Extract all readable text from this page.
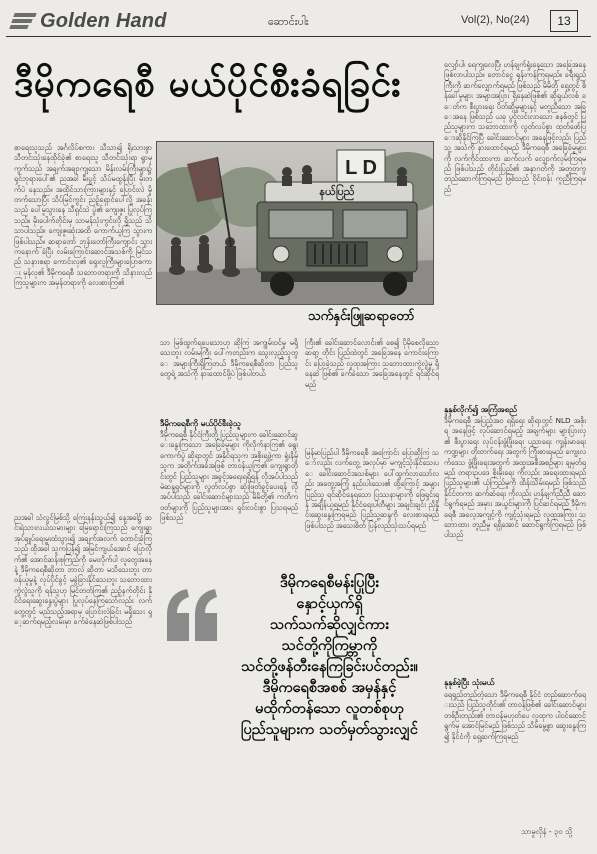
Golden Hand	ဆောင်းပါး	Vol(2), No(24)	13
ဒီမိုကရေစီ မယ်ပိုင်စီးခံရခြင်း
L D
နယ်ပြည်
သက်နှင်းဖြူဆရာတော်
စာရေးသူသည် အင်္ဂလိပ်စကား သီသာ၍ ရိုးသားစွာ သီတင်းသုံးနေထိုင်ခဲ့၏ စာရေးသူ သီတင်းသုံးရာ ရွာမှကွက်သည် အချက်အချာကျသော မိန်းလမ်းကြီးများ၌ ရှင်ဘုရားပေါ်၏ ညအခါ မီးပွင့် သိပ်မထွန်းပြီး မိုးတက်ပဲ နေသည်။ အထိုင်သားကြားများနှင့် ပြောင်းလဲ မှိုတက်သောပြီး သိပ်မြင်ကွင်း ညဉ့်ရှောင်ပေါ်လို့ အခန်းသည် ပေါ်မူသွားနေ သီရှင်သဲ ပွဲ၏ ကျေးဇူး ပြုလုပ်ကြသည်။ မိုးပေါက်တိုင်းမှ သာမန်သုံးကွင်းလို ရှိသည် သိသာပါသည်။ ကျေးဇူးဆုံးအထိ ကောက်ယူကြ သွားကဖြစ်ပါသည်။ ဆရာတော် ဘုန်းတော်ကြီးကျောင်း သွားကနောက် ခံပြီး လမ်းကြောင်းဆောင်အသစ်ကို မြင်သည် သနားစရာ ကောင်းလှ၏ ရှေးလူကြီးများပြောစကား မှန်လှ၏ ဒီမိုကရေစီ သဘောတရားကို သိနားလည် ကြသူများက အမှန်တရားကို လေးစားကြ၏
ညအခါ သံလွင်မြစ်သို့ ကြေးနန်းသွယ်၍ နေ့အခါ၌ ဆင်းရဲသားလယ်သမားများ မြေရောင်းကြသည် ကျေးရွာအုပ်ချုပ်ရေးမှူးထံသွား၍ အချက်အလက် တောင်းခံကြသည် ထိုအခါ သူကပြန်၍ အမြင်ကျယ်အောင် ပြောလိုက်၏ အောင်ဆန်းစုကြည်ကို မေးလိုက်ပါ လူတွေအနေနဲ့ ဒီမိုကရေစီဆိုတာ ဘာလဲ ဆိုတာ မသိသေးဘူး တာဝန်ယူမှုနဲ့ လုပ်ပိုင်ခွင့် မခွဲခြားနိုင်သေးဘူး သဘောထားကွဲလွဲသူကို ရန်သူဟု မြင်တတ်ကြ၏ ညဉ့်နက်တိုင်း နိုင်ငံရေးဆွေးနွေးပွဲများ ပြုလုပ်နေကြသော်လည်း လက်တွေ့တွင် မည်သည့်အရာမှ ပြောင်းလဲခြင်း မရှိသေး ရှေ့ဆက်ရမည့်လမ်းမှာ ခက်ခဲနေဆဲဖြစ်ပါသည်
သာ မြစ်ထွက်ရပေသောဟု ဆိုကြ အကျွမ်းဝင်မှု မရှိသေးဘူး လမ်းမကြီး ပေါ်ကတည်းက သွေးလှည့်သူတွေ အများကြီးရှိကြတယ် ဒီမိုကရေစီဆိုတာ ပြည်သူတွေရဲ့ အသံကို နားထောင်ဖို့ပဲ ဖြစ်ပါတယ်
ဒီမိုကရေစီကို မယ်ပိုင်စီးခဲ့သူ
ဒီမိုကရေစီ နိုင်ငံကြီးတို့ ပြည်သူများက ခေါင်းဆောင်ဆွေးနွေးကြသော အခြေခံမူများ ကိုလိုက်နာကြ၏ ရွေးကောက်ပွဲ ဆိုရာတွင် အနိုင်ရသူက အစိုးရဖွဲ့ကာ ရှုံးနိမ့်သူက အတိုက်အခံအဖြစ် တာဝန်ယူကြ၏ ကျေးရွာတိုင်းတွင် ပြည်သူများ အခွင့်အရေးရရှိရန် လိုအပ်ပါသည် မဲဆန္ဒရှင်များကို လွတ်လပ်စွာ ဆုံးဖြတ်ခွင့်ပေးရန် လိုအပ်ပါသည် ခေါင်းဆောင်များသည် မိမိတို့၏ ကတိကဝတ်များကို ပြည်သူများအား ရှင်းလင်းစွာ ပြသရမည် ဖြစ်သည်
ကြီး၏ ခေါင်းဆောင်လောင်း၏ စေ၍ ပိုမိုစေလိုသော ဆရာ့ တိုင်း ပြည်ထဲတွင် အခြေအနေ ကောင်းကြောင်း ပြောခဲ့သည် လူထုအကြား သဘောထားကွဲလွဲမှု ရှိနေဆဲ ဖြစ်၏ ခက်ခဲသော အခြေအနေတွင် ရင်ဆိုင်ရမည်
မြန်မာပြည်ပါ ဒီမိုကရေစီ အကြောင်း ပြောဆိုကြ သော်လည်း လက်တွေ့ အလုပ်မှာ မကျင့်သုံးနိုင်သေးပေ ခေါင်းဆောင်အသစ်များ ပေါ်ထွက်လာသော်လည်း အတွေ့အကြုံ နည်းပါးသေး၏ ထို့ကြောင့် အများပြည်သူ ရင်ဆိုင်နေရသော ပြဿနာများကို ဖြေရှင်းရန် အချိန်ယူရမည် နိုင်ငံရေးပါတီများ အချင်းချင်း ညှိနှိုင်းဆွေးနွေးကြရမည် ပြည်သူ့ဆန္ဒကို လေးစားရမည် ဖြစ်ပါသည် အသေးစိတ် ပြန်လည်သုံးသပ်ရမည်
ဒီမိုကရေစီမန်းပြုပြီး
နှောင့်ယှက်ရှိ
သက်သက်ဆိုလျှင်ကား
သင်တို့ကိုကြမ္ဘာကို
သင်တို့ဖန်တီးနေကြခြင်းပင်တည်း။
ဒီမိုကရေစီအစစ် အမှန်နှင့်
မထိုက်တန်သော လူတစ်စုဟု
ပြည်သူများက သတ်မှတ်သွားလျှင်
လျော်ပါ၊ ရေကျလေပြီ၊ ဟန်ချက်ရှုံးနေသော အခြေအနေဖြစ်လာပါသည်။ တောင်ငွေ ရုန်းကန်ကြရမည်။ ခရီးရှည်ကြီးကို ဆက်လျှောက်ရမည် ဖြစ်သည် မိမိတို့ ရှေ့တွင် စိန်ခေါ်မှုများ အများအပြား ရှိနေဆဲဖြစ်၏ ဆိုရှယ်လစ် ခေတ်က စီးပွားရေး ပိတ်ဆို့မှုများနှင့် မတူညီသော အခြေအနေ ဖြစ်သည် ယခု ပွင့်လင်းလာသော စနစ်တွင် ပြည်သူများက သဘောထားကို လွတ်လပ်စွာ ထုတ်ဖော်ပြောဆိုနိုင်ကြပြီ ခေါင်းဆောင်များ အနေဖြင့်လည်း ပြည်သူ့ အသံကို နားထောင်ရမည် ဒီမိုကရေစီ အခြေခံမူများကို လက်ကိုင်ထားကာ ဆက်လက် လျှောက်လှမ်းကြရမည် ဖြစ်ပါသည် တိုင်းပြည်၏ အနာဂတ်ကို အတူတကွ တည်ဆောက်ကြရမည် ဖြစ်သည် ဝိုင်းဝန်း ကူညီကြရမည်
နုနုစ်လိုက်၍ အကြံအစည်
ဒီမိုကရေစီ အပြည့်အဝ ရရှိရေး ဆိုရာတွင် NLD အစိုးရ အနေဖြင့် လုပ်ဆောင်ရမည့် အချက်များ များပြားလှ၏ စီးပွားရေး လုပ်ငန်းဖွံ့ဖြိုးရေး ပညာရေး ကျန်းမာရေး ကဏ္ဍများ တိုးတက်ရေး အတွက် ကြိုးစားရမည် ကျေးလက်ဒေသ ဖွံ့ဖြိုးရေးအတွက် အထူးအစီအစဉ်များ ချမှတ်ရမည် တရားဥပဒေ စိုးမိုးရေး ကိုလည်း အရေးထားရမည် ပြည်သူများ၏ ယုံကြည်မှုကို ထိန်းသိမ်းရမည် ဖြစ်သည် နိုင်ငံတကာ ဆက်ဆံရေး ကိုလည်း ဟန်ချက်ညီညီ ဆောင်ရွက်ရမည် အမှား အယွင်းများကို ပြင်ဆင်ရမည် ဒီမိုကရေစီ အလေ့အကျင့်ကို ကျင့်သုံးရမည် လူထုအကြား သဘောထား တူညီမှု ရရှိအောင် ဆောင်ရွက်ကြရမည် ဖြစ်ပါသည်
နုနုစ်ခဲ့ပြီး သုံးမယ်
ရေရှည်တည်တံ့သော ဒီမိုကရေစီ နိုင်ငံ တည်ဆောက်ရေးသည် ပြည်သူတိုင်း၏ တာဝန်ဖြစ်၏ ခေါင်းဆောင်များ တစ်ဦးတည်း၏ တာဝန်မဟုတ်ပေ လူထုက ပါဝင်ဆောင်ရွက်မှ အောင်မြင်မည် ဖြစ်သည် သိမ်မွေ့စွာ ဆွေးနွေးကြ၍ နိုင်ငံကို ရှေ့ဆက်ကြရမည်
သာမှုလိုနံ - ၃၀ သို့
